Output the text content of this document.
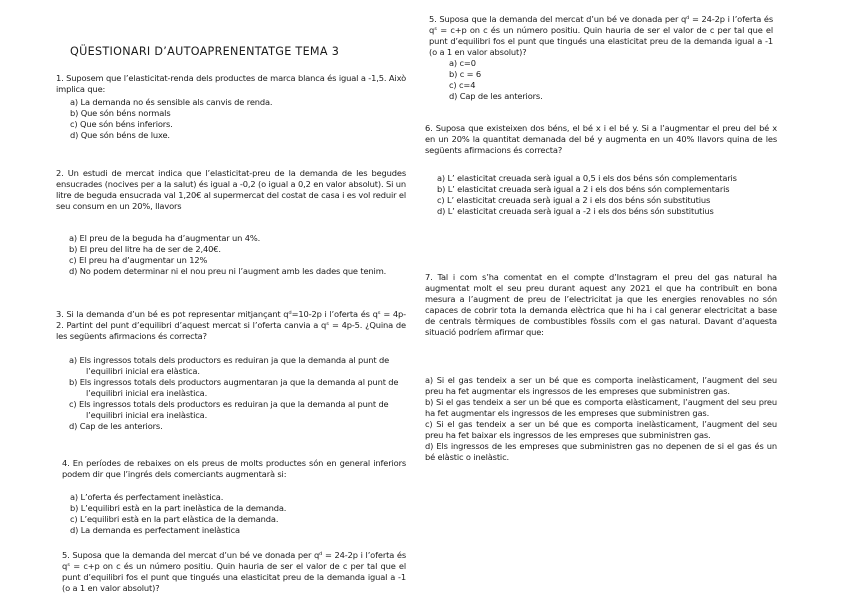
QÜESTIONARI D’AUTOAPRENENTATGE TEMA 3

1. Suposem que l’elasticitat-renda dels productes de marca blanca és igual a -1,5. Això implica que:

a) La demanda no és sensible als canvis de renda.
b) Que són béns normals
c) Que són béns inferiors.
d) Que són béns de luxe.

2. Un estudi de mercat indica que l’elasticitat-preu de la demanda de les begudes ensucrades (nocives per a la salut) és igual a -0,2 (o igual a 0,2 en valor absolut). Si un litre de beguda ensucrada val 1,20€ al supermercat del costat de casa i es vol reduir el seu consum en un 20%, llavors

a) El preu de la beguda ha d’augmentar un 4%.
b) El preu del litre ha de ser de 2,40€.
c) El preu ha d’augmentar un 12%
d) No podem determinar ni el nou preu ni l’augment amb les dades que tenim.

3. Si la demanda d’un bé es pot representar mitjançant qᵈ=10-2p i l’oferta és qˢ = 4p-2. Partint del punt d’equilibri d’aquest mercat si l’oferta canvia a qˢ = 4p-5. ¿Quina de les següents afirmacions és correcta?

a) Els ingressos totals dels productors es reduiran ja que la demanda al punt de l’equilibri inicial era elàstica.
b) Els ingressos totals dels productors augmentaran ja que la demanda al punt de l’equilibri inicial era inelàstica.
c) Els ingressos totals dels productors es reduiran ja que la demanda al punt de l’equilibri inicial era inelàstica.
d) Cap de les anteriors.

4. En períodes de rebaixes on els preus de molts productes són en general inferiors podem dir que l’ingrés dels comerciants augmentarà si:

a) L’oferta és perfectament inelàstica.
b) L’equilibri està en la part inelàstica de la demanda.
c) L’equilibri està en la part elàstica de la demanda.
d) La demanda es perfectament inelàstica

5. Suposa que la demanda del mercat d’un bé ve donada per qᵈ = 24-2p i l’oferta és qˢ = c+p on c és un número positiu. Quin hauria de ser el valor de c per tal que el punt d’equilibri fos el punt que tingués una elasticitat preu de la demanda igual a -1 (o a 1 en valor absolut)?

5. Suposa que la demanda del mercat d’un bé ve donada per qᵈ = 24-2p i l’oferta és qˢ = c+p on c és un número positiu. Quin hauria de ser el valor de c per tal que el punt d’equilibri fos el punt que tingués una elasticitat preu de la demanda igual a -1 (o a 1 en valor absolut)?
a) c=0
b) c = 6
c) c=4
d) Cap de les anteriors.

6. Suposa que existeixen dos béns, el bé x i el bé y. Si a l’augmentar el preu del bé x en un 20% la quantitat demanada del bé y augmenta en un 40% llavors quina de les següents afirmacions és correcta?

a) L’ elasticitat creuada serà igual a 0,5 i els dos béns són complementaris
b) L’ elasticitat creuada serà igual a 2 i els dos béns són complementaris
c) L’ elasticitat creuada serà igual a 2 i els dos béns són substitutius
d) L’ elasticitat creuada serà igual a -2 i els dos béns són substitutius

7. Tal i com s’ha comentat en el compte d’Instagram el preu del gas natural ha augmentat molt el seu preu durant aquest any 2021 el que ha contribuït en bona mesura a l’augment de preu de l’electricitat ja que les energies renovables no són capaces de cobrir tota la demanda elèctrica que hi ha i cal generar electricitat a base de centrals tèrmiques de combustibles fòssils com el gas natural. Davant d’aquesta situació podríem afirmar que:

a) Si el gas tendeix a ser un bé que es comporta inelàsticament, l’augment del seu preu ha fet augmentar els ingressos de les empreses que subministren gas.
b) Si el gas tendeix a ser un bé que es comporta elàsticament, l’augment del seu preu ha fet augmentar els ingressos de les empreses que subministren gas.
c) Si el gas tendeix a ser un bé que es comporta inelàsticament, l’augment del seu preu ha fet baixar els ingressos de les empreses que subministren gas.
d) Els ingressos de les empreses que subministren gas no depenen de si el gas és un bé elàstic o inelàstic.
